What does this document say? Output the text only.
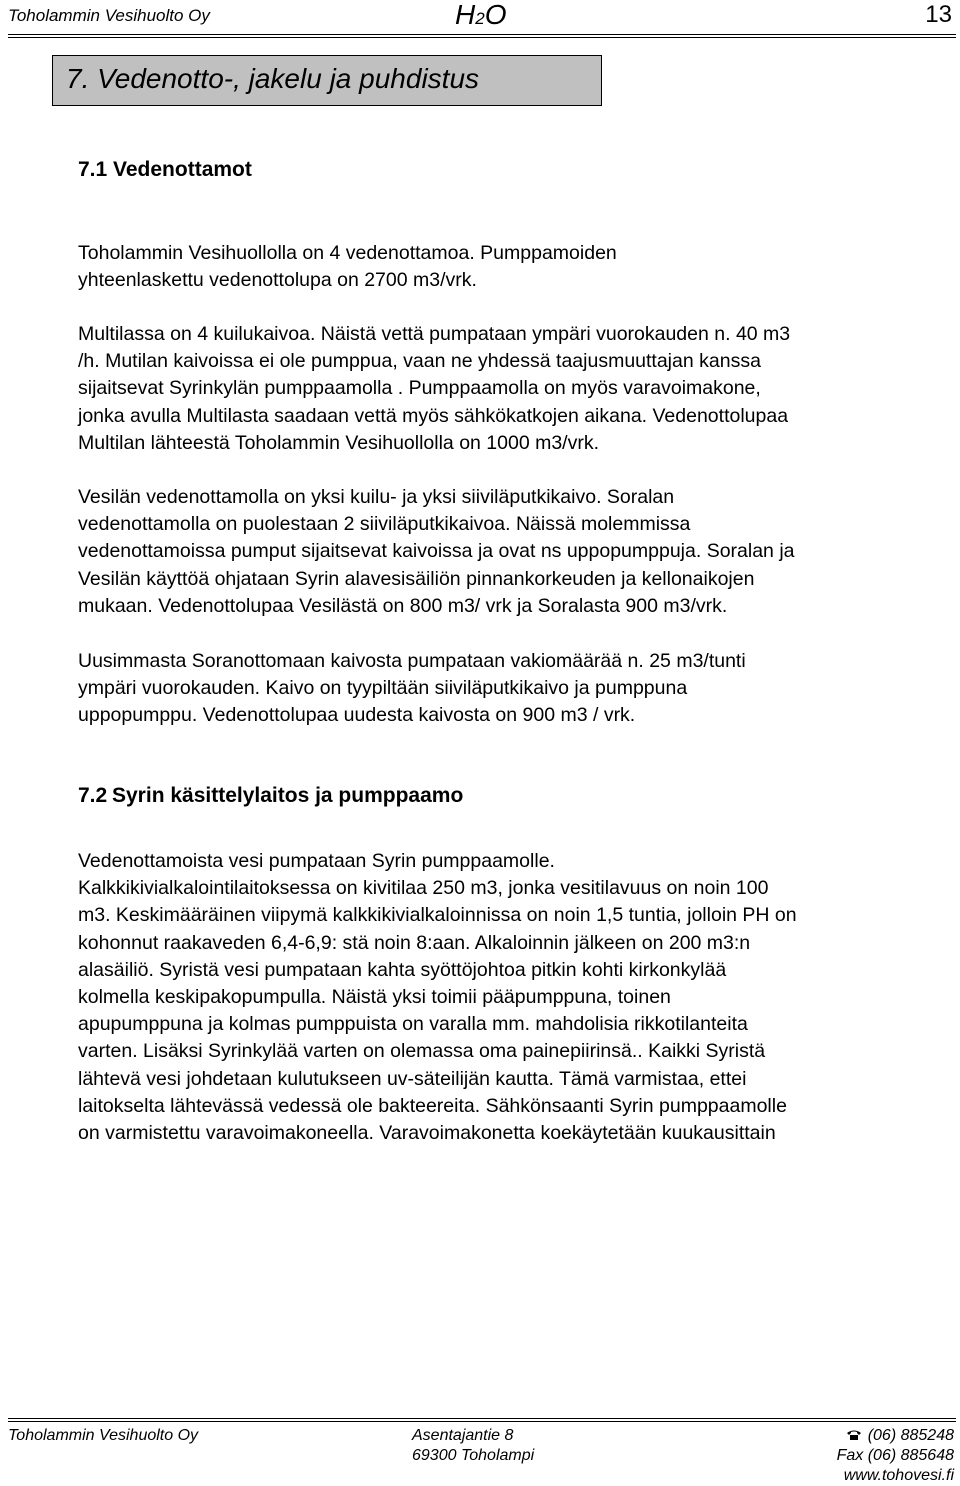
Toholammin Vesihuolto Oy	H2O	13
7. Vedenotto-, jakelu ja puhdistus
7.1 Vedenottamot
Toholammin Vesihuollolla on 4 vedenottamoa. Pumppamoiden
yhteenlaskettu vedenottolupa on 2700 m3/vrk.
Multilassa on 4 kuilukaivoa. Näistä vettä pumpataan ympäri vuorokauden n. 40 m3
/h. Mutilan kaivoissa ei ole pumppua, vaan ne yhdessä taajusmuuttajan kanssa
sijaitsevat Syrinkylän pumppaamolla . Pumppaamolla on myös varavoimakone,
jonka avulla Multilasta saadaan vettä myös sähkökatkojen aikana. Vedenottolupaa
Multilan lähteestä Toholammin Vesihuollolla on 1000 m3/vrk.
Vesilän vedenottamolla on yksi kuilu- ja yksi siiviläputkikaivo. Soralan
vedenottamolla on puolestaan 2 siiviläputkikaivoa. Näissä molemmissa
vedenottamoissa pumput sijaitsevat kaivoissa ja ovat ns uppopumppuja. Soralan ja
Vesilän käyttöä ohjataan Syrin alavesisäiliön pinnankorkeuden ja kellonaikojen
mukaan. Vedenottolupaa Vesilästä on 800 m3/ vrk ja Soralasta 900 m3/vrk.
Uusimmasta Soranottomaan kaivosta pumpataan vakiomäärää n. 25 m3/tunti
ympäri vuorokauden. Kaivo on tyypiltään siiviläputkikaivo ja pumppuna
uppopumppu. Vedenottolupaa uudesta kaivosta on 900 m3 / vrk.
7.2 Syrin käsittelylaitos ja pumppaamo
Vedenottamoista vesi pumpataan Syrin pumppaamolle.
Kalkkikivialkalointilaitoksessa on kivitilaa 250 m3, jonka vesitilavuus on noin 100
m3. Keskimääräinen viipymä kalkkikivialkaloinnissa on noin 1,5 tuntia, jolloin PH on
kohonnut raakaveden 6,4-6,9: stä noin 8:aan. Alkaloinnin jälkeen on 200 m3:n
alasäiliö. Syristä vesi pumpataan kahta syöttöjohtoa pitkin kohti kirkonkylää
kolmella keskipakopumpulla. Näistä yksi toimii pääpumppuna, toinen
apupumppuna ja kolmas pumppuista on varalla mm. mahdolisia rikkotilanteita
varten. Lisäksi Syrinkylää varten on olemassa oma painepiirinsä.. Kaikki Syristä
lähtevä vesi johdetaan kulutukseen uv-säteilijän kautta. Tämä varmistaa, ettei
laitokselta lähtevässä vedessä ole bakteereita. Sähkönsaanti Syrin pumppaamolle
on varmistettu varavoimakoneella. Varavoimakonetta koekäytetään kuukausittain
Toholammin Vesihuolto Oy	Asentajantie 8
69300 Toholampi
(06) 885248
Fax (06) 885648
www.tohovesi.fi
